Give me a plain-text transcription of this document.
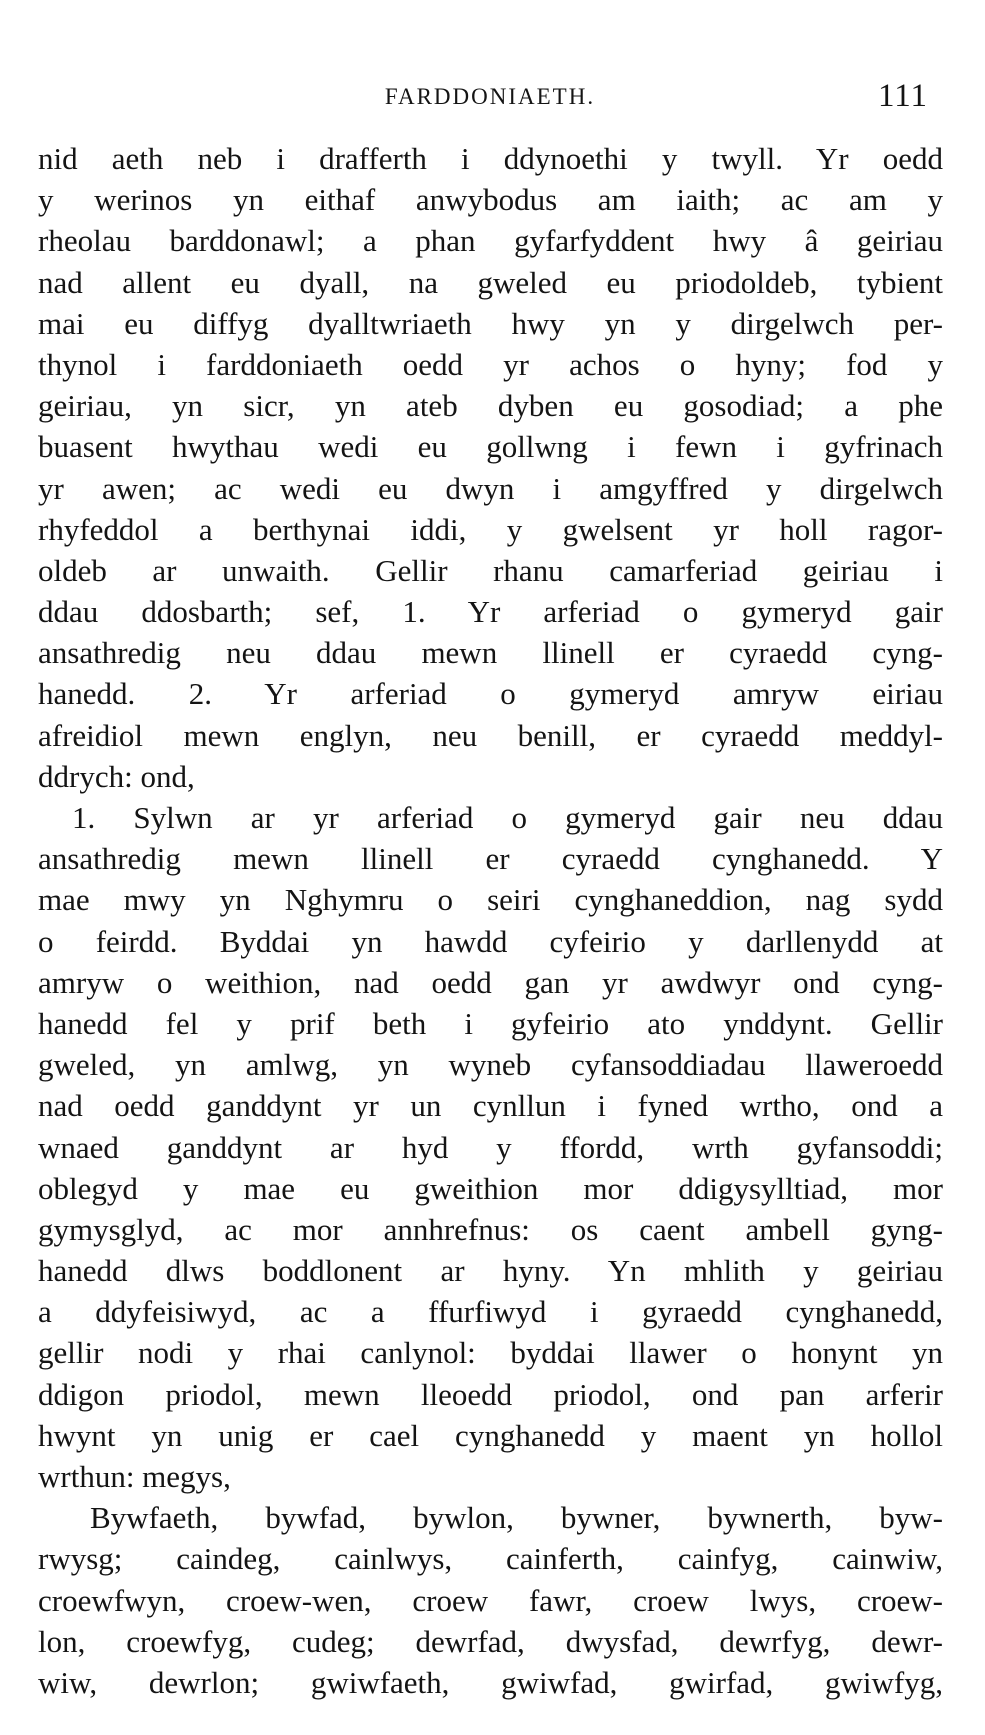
FARDDONIAETH.	111
nid aeth neb i drafferth i ddynoethi y twyll. Yr oedd
y werinos yn eithaf anwybodus am iaith; ac am y
rheolau barddonawl; a phan gyfarfyddent hwy â geiriau
nad allent eu dyall, na gweled eu priodoldeb, tybient
mai eu diffyg dyalltwriaeth hwy yn y dirgelwch per-
thynol i farddoniaeth oedd yr achos o hyny; fod y
geiriau, yn sicr, yn ateb dyben eu gosodiad; a phe
buasent hwythau wedi eu gollwng i fewn i gyfrinach
yr awen; ac wedi eu dwyn i amgyffred y dirgelwch
rhyfeddol a berthynai iddi, y gwelsent yr holl ragor-
oldeb ar unwaith. Gellir rhanu camarferiad geiriau i
ddau ddosbarth; sef, 1. Yr arferiad o gymeryd gair
ansathredig neu ddau mewn llinell er cyraedd cyng-
hanedd. 2. Yr arferiad o gymeryd amryw eiriau
afreidiol mewn englyn, neu benill, er cyraedd meddyl-
ddrych: ond,
1. Sylwn ar yr arferiad o gymeryd gair neu ddau
ansathredig mewn llinell er cyraedd cynghanedd. Y
mae mwy yn Nghymru o seiri cynghaneddion, nag sydd
o feirdd. Byddai yn hawdd cyfeirio y darllenydd at
amryw o weithion, nad oedd gan yr awdwyr ond cyng-
hanedd fel y prif beth i gyfeirio ato ynddynt. Gellir
gweled, yn amlwg, yn wyneb cyfansoddiadau llaweroedd
nad oedd ganddynt yr un cynllun i fyned wrtho, ond a
wnaed ganddynt ar hyd y ffordd, wrth gyfansoddi;
oblegyd y mae eu gweithion mor ddigysylltiad, mor
gymysglyd, ac mor annhrefnus: os caent ambell gyng-
hanedd dlws boddlonent ar hyny. Yn mhlith y geiriau
a ddyfeisiwyd, ac a ffurfiwyd i gyraedd cynghanedd,
gellir nodi y rhai canlynol: byddai llawer o honynt yn
ddigon priodol, mewn lleoedd priodol, ond pan arferir
hwynt yn unig er cael cynghanedd y maent yn hollol
wrthun: megys,
Bywfaeth, bywfad, bywlon, bywner, bywnerth, byw-
rwysg; caindeg, cainlwys, cainferth, cainfyg, cainwiw,
croewfwyn, croew-wen, croew fawr, croew lwys, croew-
lon, croewfyg, cudeg; dewrfad, dwysfad, dewrfyg, dewr-
wiw, dewrlon; gwiwfaeth, gwiwfad, gwirfad, gwiwfyg,
